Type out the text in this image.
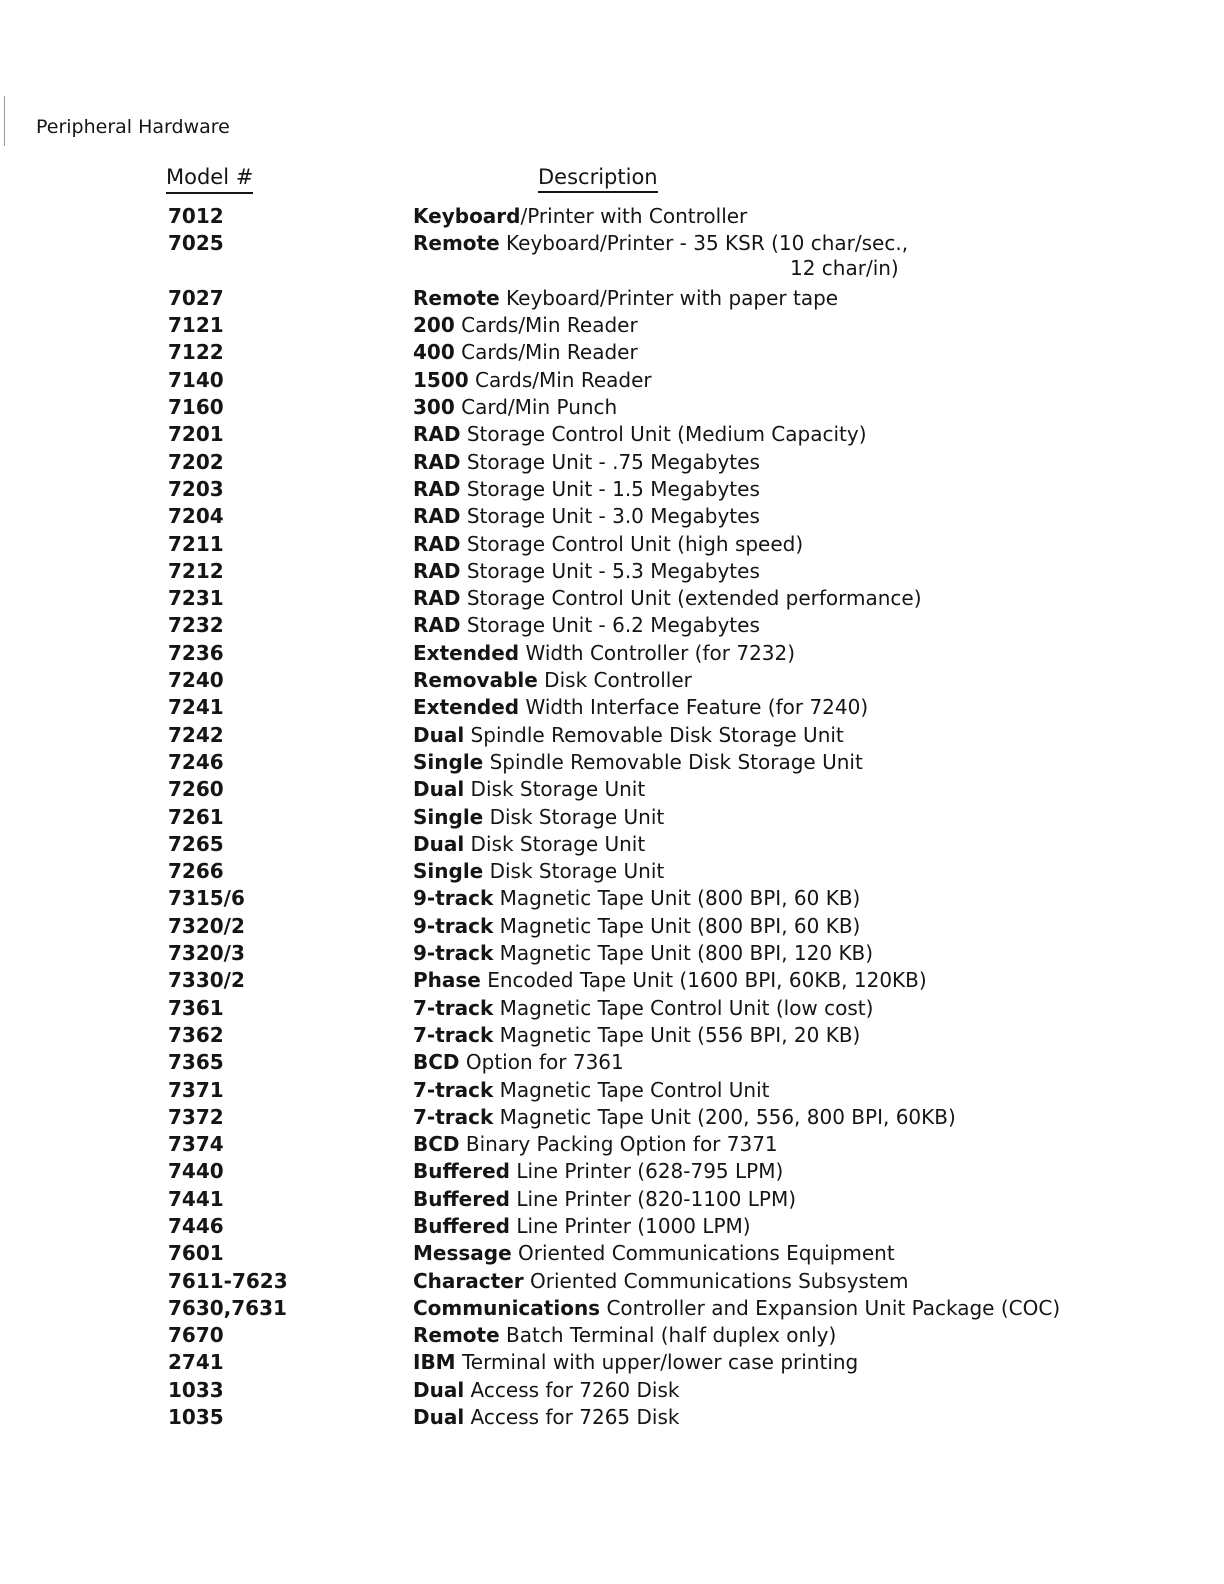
Peripheral Hardware
Model #	Description
7012	Keyboard/Printer with Controller
7025	Remote Keyboard/Printer - 35 KSR (10 char/sec.,
12 char/in)
7027	Remote Keyboard/Printer with paper tape
7121	200 Cards/Min Reader
7122	400 Cards/Min Reader
7140	1500 Cards/Min Reader
7160	300 Card/Min Punch
7201	RAD Storage Control Unit (Medium Capacity)
7202	RAD Storage Unit - .75 Megabytes
7203	RAD Storage Unit - 1.5 Megabytes
7204	RAD Storage Unit - 3.0 Megabytes
7211	RAD Storage Control Unit (high speed)
7212	RAD Storage Unit - 5.3 Megabytes
7231	RAD Storage Control Unit (extended performance)
7232	RAD Storage Unit - 6.2 Megabytes
7236	Extended Width Controller (for 7232)
7240	Removable Disk Controller
7241	Extended Width Interface Feature (for 7240)
7242	Dual Spindle Removable Disk Storage Unit
7246	Single Spindle Removable Disk Storage Unit
7260	Dual Disk Storage Unit
7261	Single Disk Storage Unit
7265	Dual Disk Storage Unit
7266	Single Disk Storage Unit
7315/6	9-track Magnetic Tape Unit (800 BPI, 60 KB)
7320/2	9-track Magnetic Tape Unit (800 BPI, 60 KB)
7320/3	9-track Magnetic Tape Unit (800 BPI, 120 KB)
7330/2	Phase Encoded Tape Unit (1600 BPI, 60KB, 120KB)
7361	7-track Magnetic Tape Control Unit (low cost)
7362	7-track Magnetic Tape Unit (556 BPI, 20 KB)
7365	BCD Option for 7361
7371	7-track Magnetic Tape Control Unit
7372	7-track Magnetic Tape Unit (200, 556, 800 BPI, 60KB)
7374	BCD Binary Packing Option for 7371
7440	Buffered Line Printer (628-795 LPM)
7441	Buffered Line Printer (820-1100 LPM)
7446	Buffered Line Printer (1000 LPM)
7601	Message Oriented Communications Equipment
7611-7623	Character Oriented Communications Subsystem
7630,7631	Communications Controller and Expansion Unit Package (COC)
7670	Remote Batch Terminal (half duplex only)
2741	IBM Terminal with upper/lower case printing
1033	Dual Access for 7260 Disk
1035	Dual Access for 7265 Disk
